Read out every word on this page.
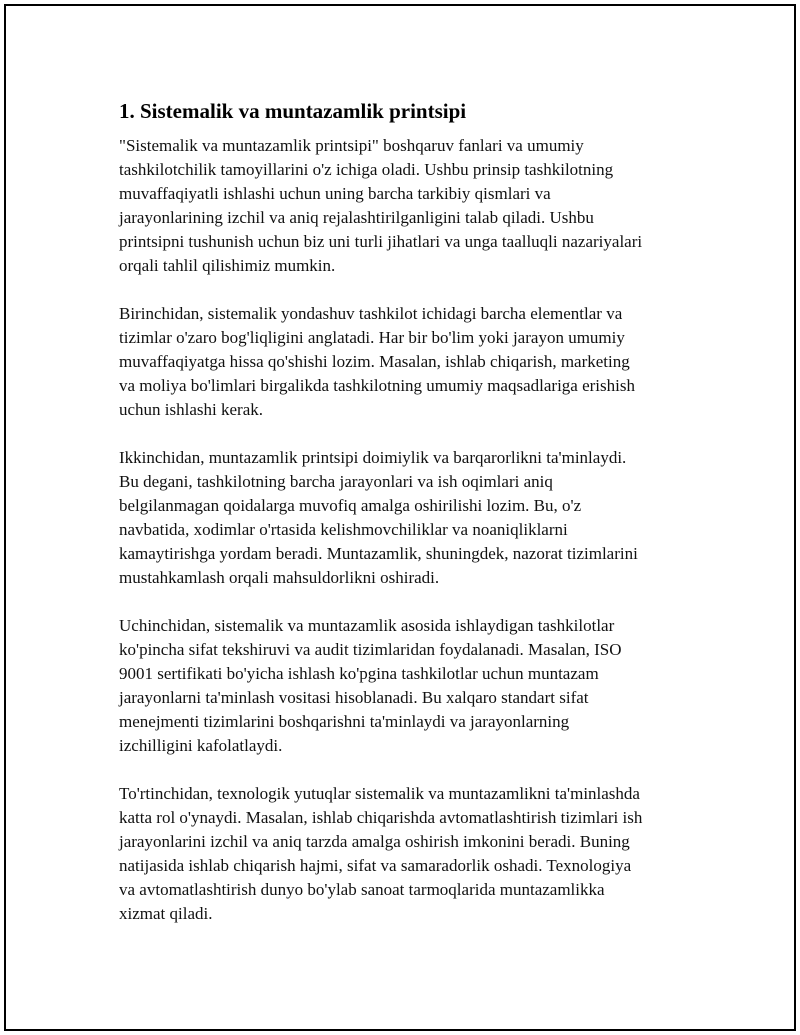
1. Sistemalik va muntazamlik printsipi

"Sistemalik va muntazamlik printsipi" boshqaruv fanlari va umumiy
tashkilotchilik tamoyillarini o'z ichiga oladi. Ushbu prinsip tashkilotning
muvaffaqiyatli ishlashi uchun uning barcha tarkibiy qismlari va
jarayonlarining izchil va aniq rejalashtirilganligini talab qiladi. Ushbu
printsipni tushunish uchun biz uni turli jihatlari va unga taalluqli nazariyalari
orqali tahlil qilishimiz mumkin.

Birinchidan, sistemalik yondashuv tashkilot ichidagi barcha elementlar va
tizimlar o'zaro bog'liqligini anglatadi. Har bir bo'lim yoki jarayon umumiy
muvaffaqiyatga hissa qo'shishi lozim. Masalan, ishlab chiqarish, marketing
va moliya bo'limlari birgalikda tashkilotning umumiy maqsadlariga erishish
uchun ishlashi kerak.

Ikkinchidan, muntazamlik printsipi doimiylik va barqarorlikni ta'minlaydi.
Bu degani, tashkilotning barcha jarayonlari va ish oqimlari aniq
belgilanmagan qoidalarga muvofiq amalga oshirilishi lozim. Bu, o'z
navbatida, xodimlar o'rtasida kelishmovchiliklar va noaniqliklarni
kamaytirishga yordam beradi. Muntazamlik, shuningdek, nazorat tizimlarini
mustahkamlash orqali mahsuldorlikni oshiradi.

Uchinchidan, sistemalik va muntazamlik asosida ishlaydigan tashkilotlar
ko'pincha sifat tekshiruvi va audit tizimlaridan foydalanadi. Masalan, ISO
9001 sertifikati bo'yicha ishlash ko'pgina tashkilotlar uchun muntazam
jarayonlarni ta'minlash vositasi hisoblanadi. Bu xalqaro standart sifat
menejmenti tizimlarini boshqarishni ta'minlaydi va jarayonlarning
izchilligini kafolatlaydi.

To'rtinchidan, texnologik yutuqlar sistemalik va muntazamlikni ta'minlashda
katta rol o'ynaydi. Masalan, ishlab chiqarishda avtomatlashtirish tizimlari ish
jarayonlarini izchil va aniq tarzda amalga oshirish imkonini beradi. Buning
natijasida ishlab chiqarish hajmi, sifat va samaradorlik oshadi. Texnologiya
va avtomatlashtirish dunyo bo'ylab sanoat tarmoqlarida muntazamlikka
xizmat qiladi.
